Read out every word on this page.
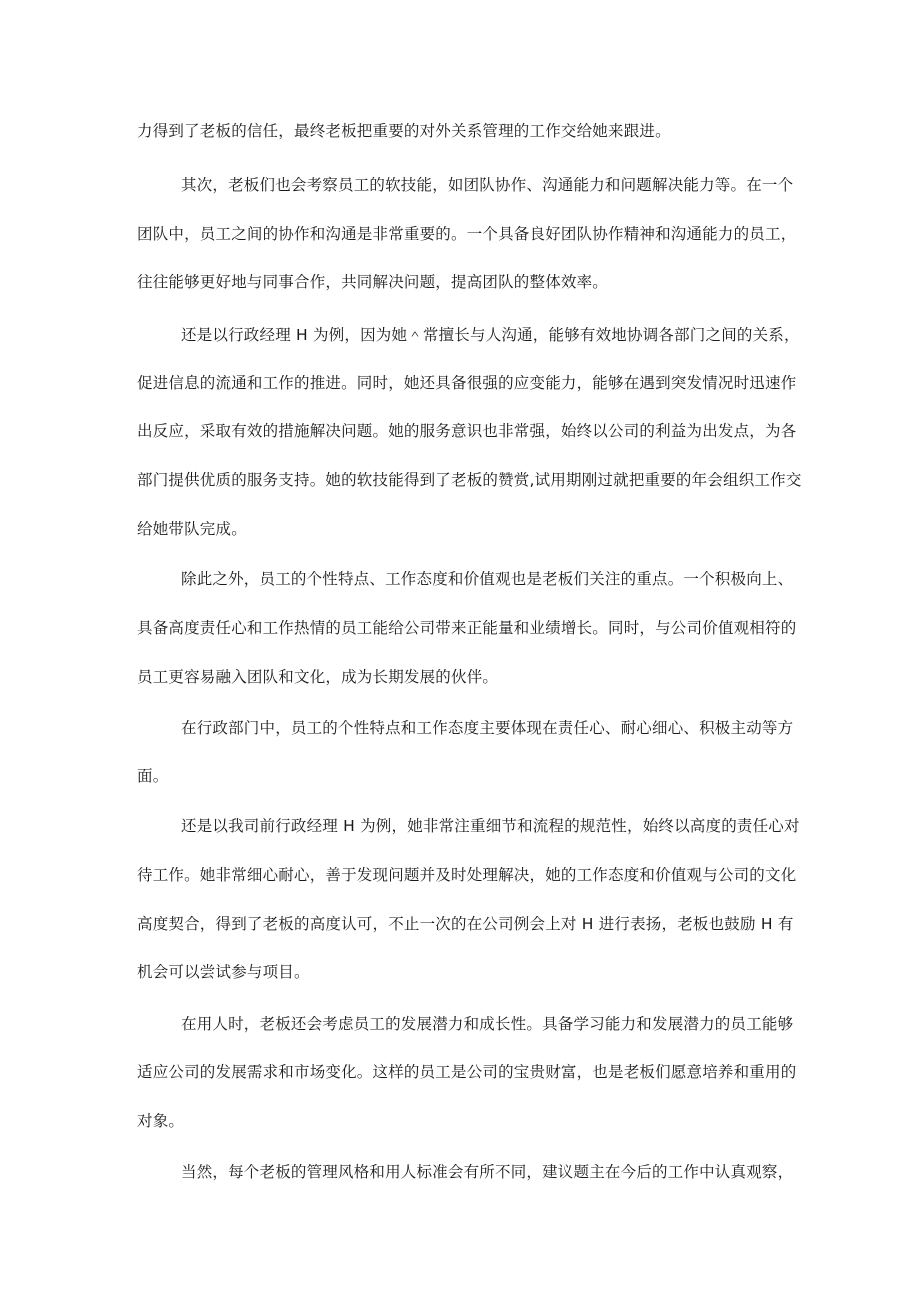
力得到了老板的信任，最终老板把重要的对外关系管理的工作交给她来跟进。
其次，老板们也会考察员工的软技能，如团队协作、沟通能力和问题解决能力等。在一个
团队中，员工之间的协作和沟通是非常重要的。一个具备良好团队协作精神和沟通能力的员工，
往往能够更好地与同事合作，共同解决问题，提高团队的整体效率。
还是以行政经理 H 为例，因为她＾常擅长与人沟通，能够有效地协调各部门之间的关系，
促进信息的流通和工作的推进。同时，她还具备很强的应变能力，能够在遇到突发情况时迅速作
出反应，采取有效的措施解决问题。她的服务意识也非常强，始终以公司的利益为出发点，为各
部门提供优质的服务支持。她的软技能得到了老板的赞赏,试用期刚过就把重要的年会组织工作交
给她带队完成。
除此之外，员工的个性特点、工作态度和价值观也是老板们关注的重点。一个积极向上、
具备高度责任心和工作热情的员工能给公司带来正能量和业绩增长。同时，与公司价值观相符的
员工更容易融入团队和文化，成为长期发展的伙伴。
在行政部门中，员工的个性特点和工作态度主要体现在责任心、耐心细心、积极主动等方
面。
还是以我司前行政经理 H 为例，她非常注重细节和流程的规范性，始终以高度的责任心对
待工作。她非常细心耐心，善于发现问题并及时处理解决，她的工作态度和价值观与公司的文化
高度契合，得到了老板的高度认可，不止一次的在公司例会上对 H 进行表扬，老板也鼓励 H 有
机会可以尝试参与项目。
在用人时，老板还会考虑员工的发展潜力和成长性。具备学习能力和发展潜力的员工能够
适应公司的发展需求和市场变化。这样的员工是公司的宝贵财富，也是老板们愿意培养和重用的
对象。
当然，每个老板的管理风格和用人标准会有所不同，建议题主在今后的工作中认真观察，
